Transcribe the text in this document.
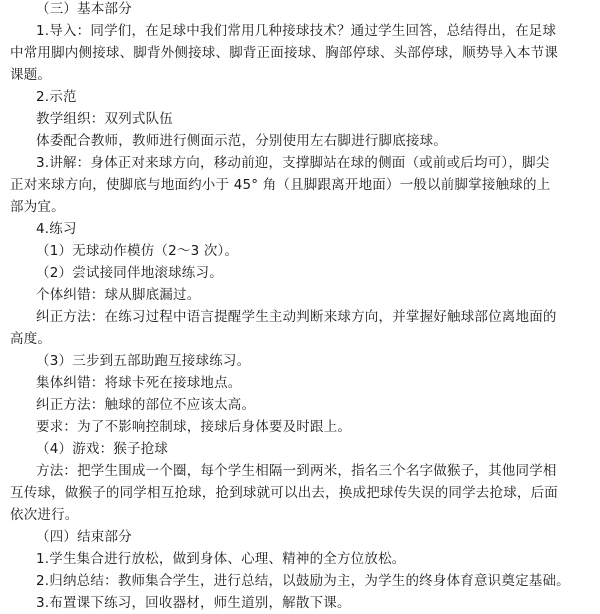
（三）基本部分
1.导入：同学们，在足球中我们常用几种接球技术？通过学生回答，总结得出，在足球
中常用脚内侧接球、脚背外侧接球、脚背正面接球、胸部停球、头部停球，顺势导入本节课
课题。
2.示范
教学组织：双列式队伍
体委配合教师，教师进行侧面示范，分别使用左右脚进行脚底接球。
3.讲解：身体正对来球方向，移动前迎，支撑脚站在球的侧面（或前或后均可），脚尖
正对来球方向，使脚底与地面约小于 45° 角（且脚跟离开地面）一般以前脚掌接触球的上
部为宜。
4.练习
（1）无球动作模仿（2～3 次）。
（2）尝试接同伴地滚球练习。
个体纠错：球从脚底漏过。
纠正方法：在练习过程中语言提醒学生主动判断来球方向，并掌握好触球部位离地面的
高度。
（3）三步到五部助跑互接球练习。
集体纠错：将球卡死在接球地点。
纠正方法：触球的部位不应该太高。
要求：为了不影响控制球，接球后身体要及时跟上。
（4）游戏：猴子抢球
方法：把学生围成一个圈，每个学生相隔一到两米，指名三个名字做猴子，其他同学相
互传球，做猴子的同学相互抢球，抢到球就可以出去，换成把球传失误的同学去抢球，后面
依次进行。
（四）结束部分
1.学生集合进行放松，做到身体、心理、精神的全方位放松。
2.归纳总结：教师集合学生，进行总结，以鼓励为主，为学生的终身体育意识奠定基础。
3.布置课下练习，回收器材，师生道别，解散下课。
